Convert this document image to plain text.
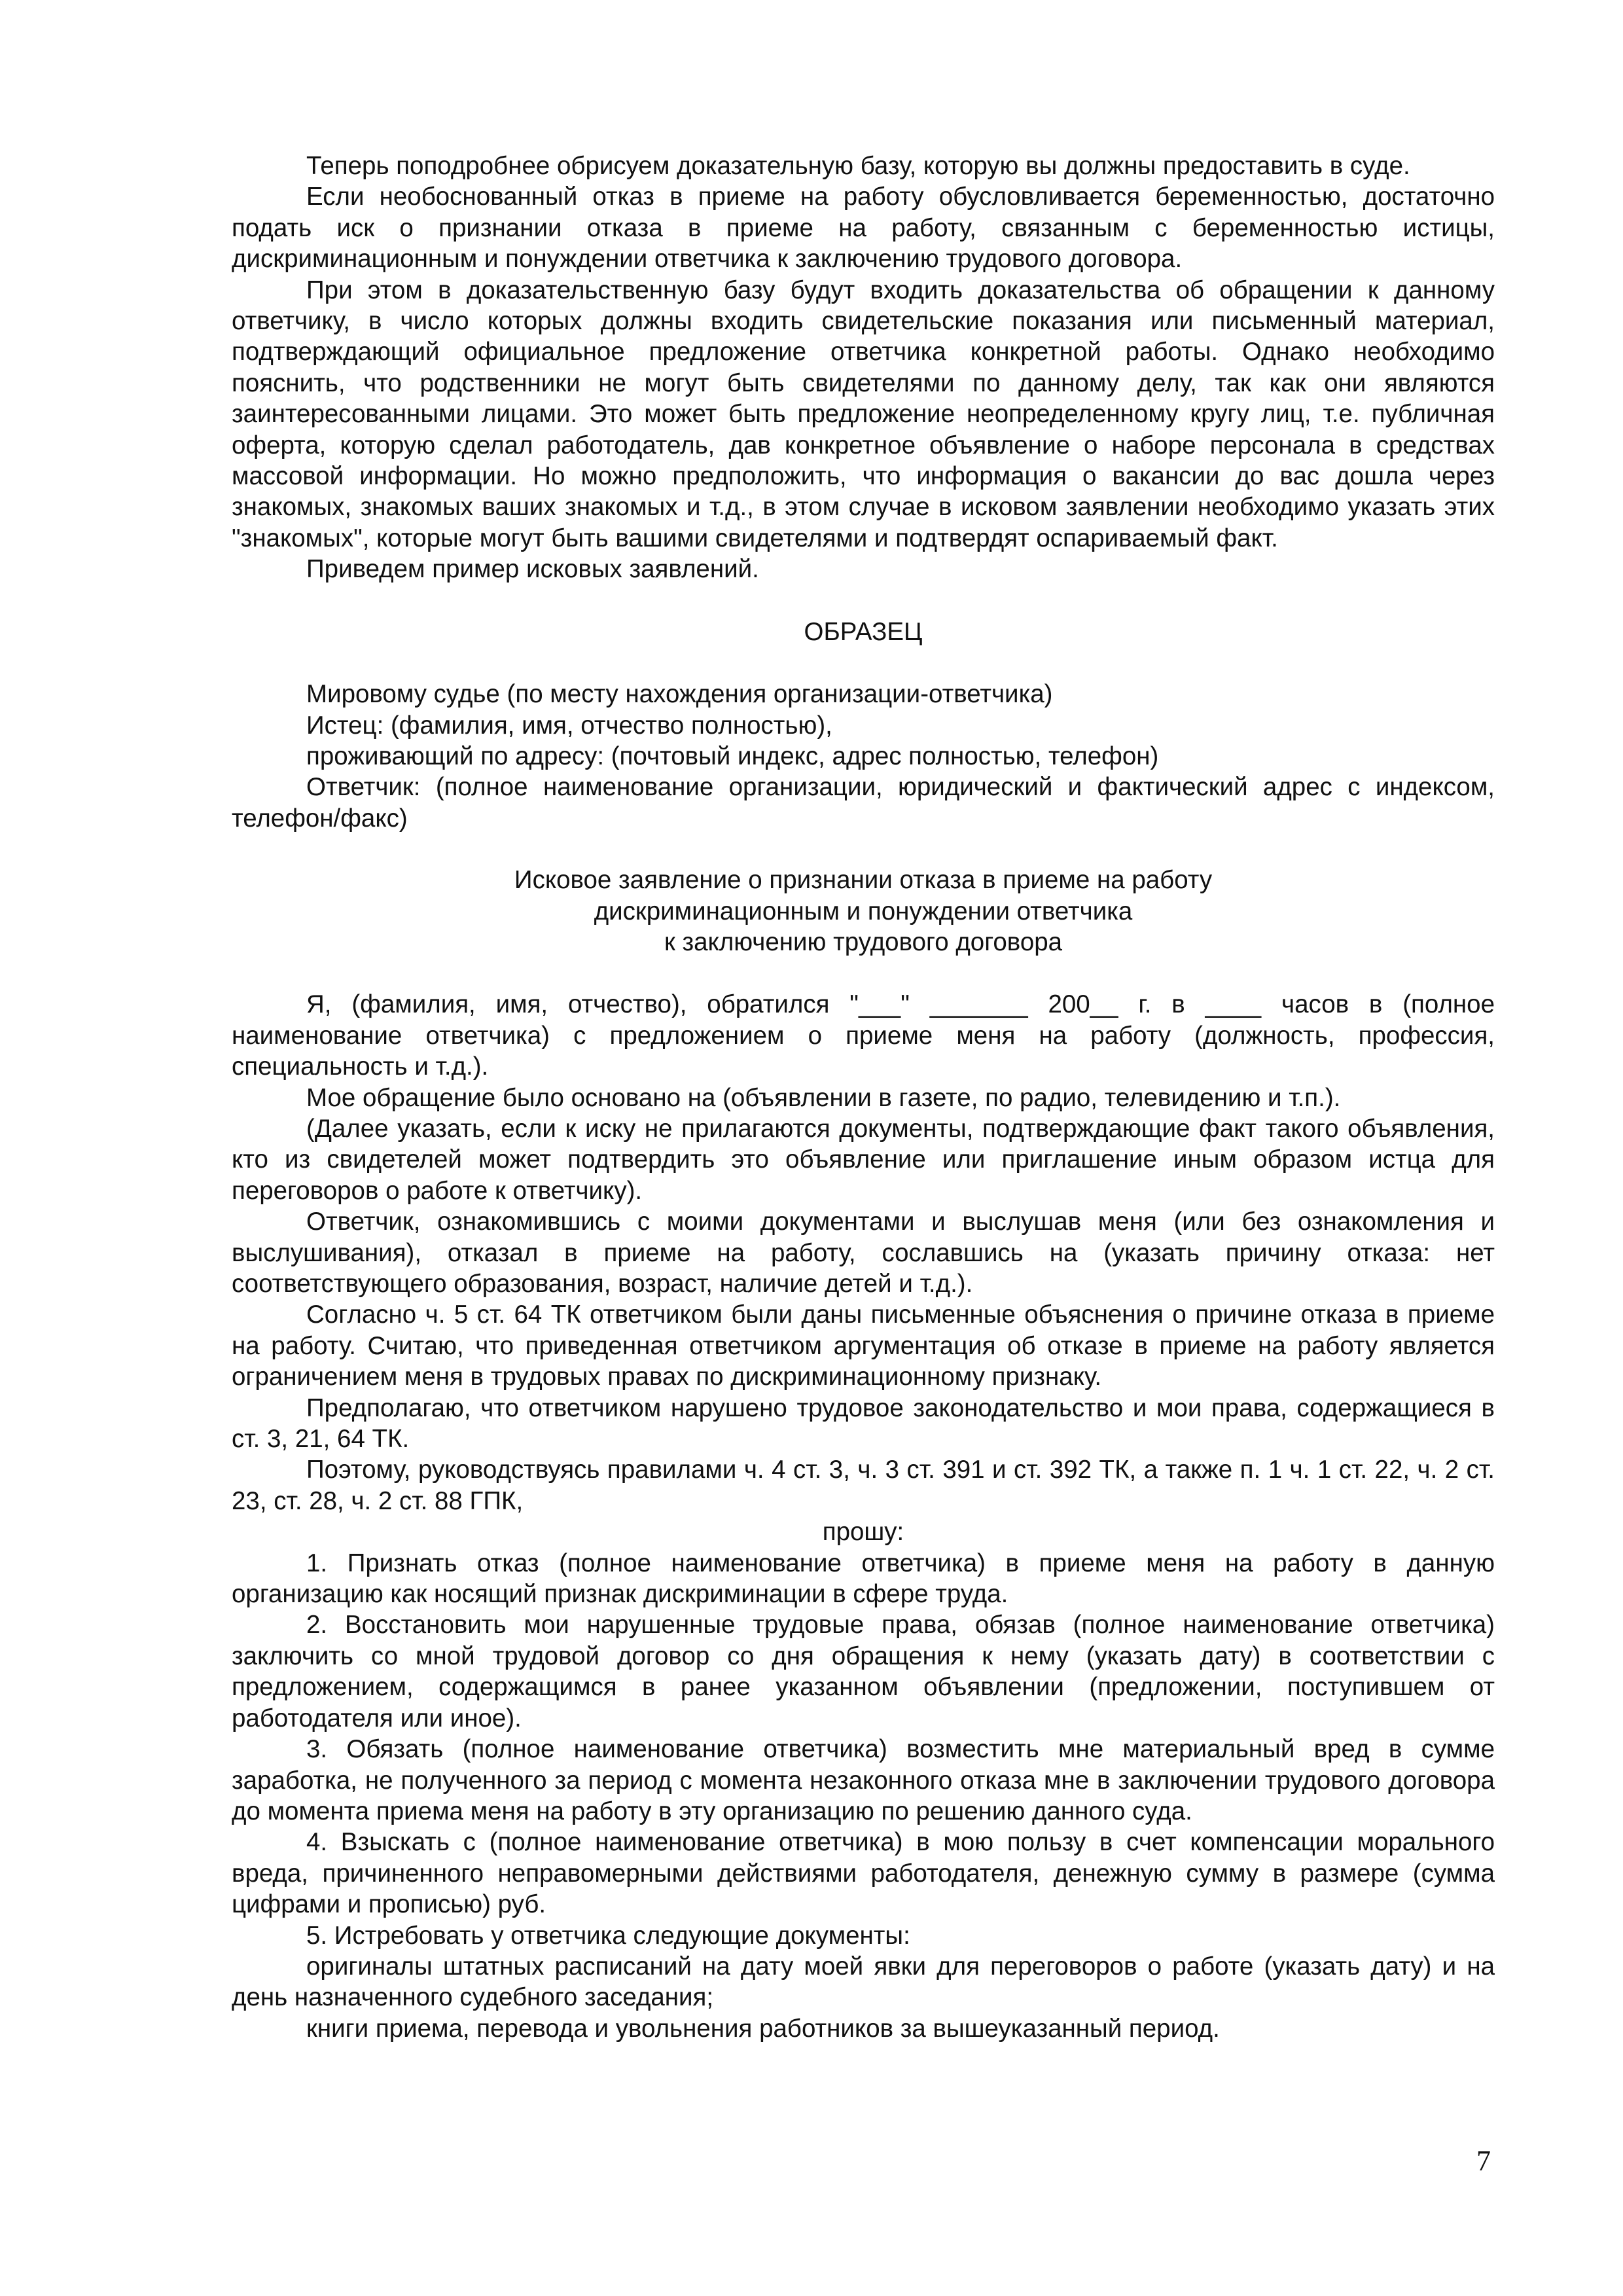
Теперь поподробнее обрисуем доказательную базу, которую вы должны предоставить в суде.

Если необоснованный отказ в приеме на работу обусловливается беременностью, достаточно подать иск о признании отказа в приеме на работу, связанным с беременностью истицы, дискриминационным и понуждении ответчика к заключению трудового договора.

При этом в доказательственную базу будут входить доказательства об обращении к данному ответчику, в число которых должны входить свидетельские показания или письменный материал, подтверждающий официальное предложение ответчика конкретной работы. Однако необходимо пояснить, что родственники не могут быть свидетелями по данному делу, так как они являются заинтересованными лицами. Это может быть предложение неопределенному кругу лиц, т.е. публичная оферта, которую сделал работодатель, дав конкретное объявление о наборе персонала в средствах массовой информации. Но можно предположить, что информация о вакансии до вас дошла через знакомых, знакомых ваших знакомых и т.д., в этом случае в исковом заявлении необходимо указать этих "знакомых", которые могут быть вашими свидетелями и подтвердят оспариваемый факт.

Приведем пример исковых заявлений.

ОБРАЗЕЦ

Мировому судье (по месту нахождения организации-ответчика)

Истец: (фамилия, имя, отчество полностью),

проживающий по адресу: (почтовый индекс, адрес полностью, телефон)

Ответчик: (полное наименование организации, юридический и фактический адрес с индексом, телефон/факс)

Исковое заявление о признании отказа в приеме на работу
дискриминационным и понуждении ответчика
к заключению трудового договора

Я, (фамилия, имя, отчество), обратился "___" _______ 200__ г. в ____ часов в (полное наименование ответчика) с предложением о приеме меня на работу (должность, профессия, специальность и т.д.).

Мое обращение было основано на (объявлении в газете, по радио, телевидению и т.п.).

(Далее указать, если к иску не прилагаются документы, подтверждающие факт такого объявления, кто из свидетелей может подтвердить это объявление или приглашение иным образом истца для переговоров о работе к ответчику).

Ответчик, ознакомившись с моими документами и выслушав меня (или без ознакомления и выслушивания), отказал в приеме на работу, сославшись на (указать причину отказа: нет соответствующего образования, возраст, наличие детей и т.д.).

Согласно ч. 5 ст. 64 ТК ответчиком были даны письменные объяснения о причине отказа в приеме на работу. Считаю, что приведенная ответчиком аргументация об отказе в приеме на работу является ограничением меня в трудовых правах по дискриминационному признаку.

Предполагаю, что ответчиком нарушено трудовое законодательство и мои права, содержащиеся в ст. 3, 21, 64 ТК.

Поэтому, руководствуясь правилами ч. 4 ст. 3, ч. 3 ст. 391 и ст. 392 ТК, а также п. 1 ч. 1 ст. 22, ч. 2 ст. 23, ст. 28, ч. 2 ст. 88 ГПК,

прошу:

1. Признать отказ (полное наименование ответчика) в приеме меня на работу в данную организацию как носящий признак дискриминации в сфере труда.

2. Восстановить мои нарушенные трудовые права, обязав (полное наименование ответчика) заключить со мной трудовой договор со дня обращения к нему (указать дату) в соответствии с предложением, содержащимся в ранее указанном объявлении (предложении, поступившем от работодателя или иное).

3. Обязать (полное наименование ответчика) возместить мне материальный вред в сумме заработка, не полученного за период с момента незаконного отказа мне в заключении трудового договора до момента приема меня на работу в эту организацию по решению данного суда.

4. Взыскать с (полное наименование ответчика) в мою пользу в счет компенсации морального вреда, причиненного неправомерными действиями работодателя, денежную сумму в размере (сумма цифрами и прописью) руб.

5. Истребовать у ответчика следующие документы:

оригиналы штатных расписаний на дату моей явки для переговоров о работе (указать дату) и на день назначенного судебного заседания;

книги приема, перевода и увольнения работников за вышеуказанный период.

7
